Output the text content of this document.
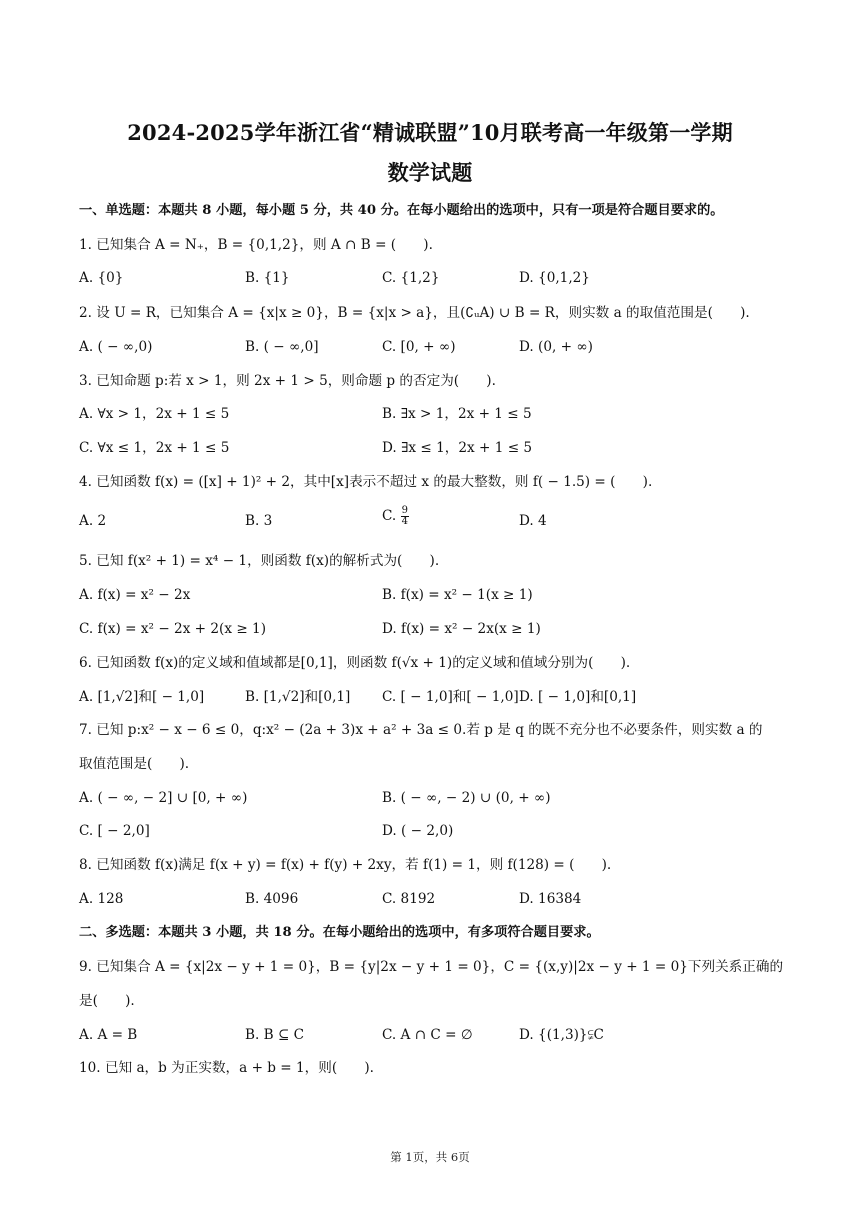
2024-2025学年浙江省“精诚联盟”10月联考高一年级第一学期
数学试题
一、单选题：本题共 8 小题，每小题 5 分，共 40 分。在每小题给出的选项中，只有一项是符合题目要求的。
1. 已知集合 A = N₊，B = {0,1,2}，则 A ∩ B = (　　).
A. {0}	B. {1}	C. {1,2}	D. {0,1,2}
2. 设 U = R，已知集合 A = {x|x ≥ 0}，B = {x|x > a}，且(∁ᵤA) ∪ B = R，则实数 a 的取值范围是(　　).
A. ( − ∞,0)	B. ( − ∞,0]	C. [0, + ∞)	D. (0, + ∞)
3. 已知命题 p:若 x > 1，则 2x + 1 > 5，则命题 p 的否定为(　　).
A. ∀x > 1，2x + 1 ≤ 5	B. ∃x > 1，2x + 1 ≤ 5
C. ∀x ≤ 1，2x + 1 ≤ 5	D. ∃x ≤ 1，2x + 1 ≤ 5
4. 已知函数 f(x) = ([x] + 1)² + 2，其中[x]表示不超过 x 的最大整数，则 f( − 1.5) = (　　).
A. 2	B. 3	C. $\frac{9}{4}$	D. 4
5. 已知 f(x² + 1) = x⁴ − 1，则函数 f(x)的解析式为(　　).
A. f(x) = x² − 2x	B. f(x) = x² − 1(x ≥ 1)
C. f(x) = x² − 2x + 2(x ≥ 1)	D. f(x) = x² − 2x(x ≥ 1)
6. 已知函数 f(x)的定义域和值域都是[0,1]，则函数 f(√x + 1)的定义域和值域分别为(　　).
A. [1,√2]和[ − 1,0]	B. [1,√2]和[0,1] C. [ − 1,0]和[ − 1,0] D. [ − 1,0]和[0,1]
7. 已知 p:x² − x − 6 ≤ 0，q:x² − (2a + 3)x + a² + 3a ≤ 0.若 p 是 q 的既不充分也不必要条件，则实数 a 的
取值范围是(　　).
A. ( − ∞, − 2] ∪ [0, + ∞)	B. ( − ∞, − 2) ∪ (0, + ∞)
C. [ − 2,0]	D. ( − 2,0)
8. 已知函数 f(x)满足 f(x + y) = f(x) + f(y) + 2xy，若 f(1) = 1，则 f(128) = (　　).
A. 128	B. 4096	C. 8192	D. 16384
二、多选题：本题共 3 小题，共 18 分。在每小题给出的选项中，有多项符合题目要求。
9. 已知集合 A = {x|2x − y + 1 = 0}，B = {y|2x − y + 1 = 0}，C = {(x,y)|2x − y + 1 = 0}下列关系正确的
是(　　).
A. A = B	B. B ⊆ C	C. A ∩ C = ∅	D. {(1,3)}⫋C
10. 已知 a，b 为正实数，a + b = 1，则(　　).
第 1页，共 6页
